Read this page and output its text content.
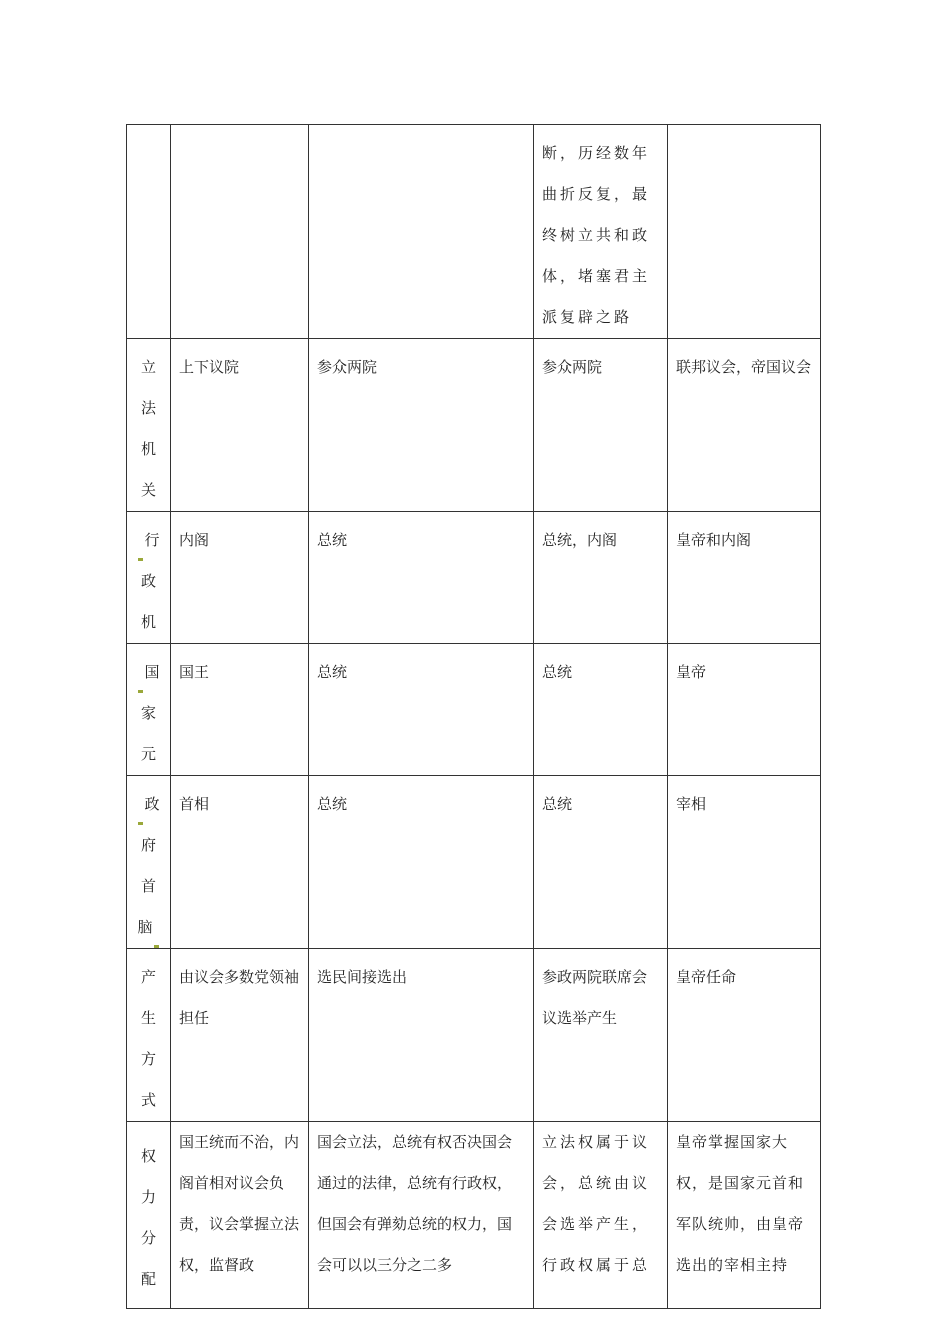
			断，历经数年曲折反复，最终树立共和政体，堵塞君主派复辟之路	

立
法
机
关	上下议院	参众两院	参众两院	联邦议会，帝国议会

行
政
机	内阁	总统	总统，内阁	皇帝和内阁

国
家
元	国王	总统	总统	皇帝

政
府
首
脑	首相	总统	总统	宰相

产
生
方
式	由议会多数党领袖担任	选民间接选出	参政两院联席会议选举产生	皇帝任命

权
力
分
配	国王统而不治，内阁首相对议会负责，议会掌握立法权，监督政	国会立法，总统有权否决国会通过的法律，总统有行政权，但国会有弹劾总统的权力，国会可以以三分之二多	立法权属于议会，总统由议会选举产生，行政权属于总	皇帝掌握国家大权，是国家元首和军队统帅，由皇帝选出的宰相主持
